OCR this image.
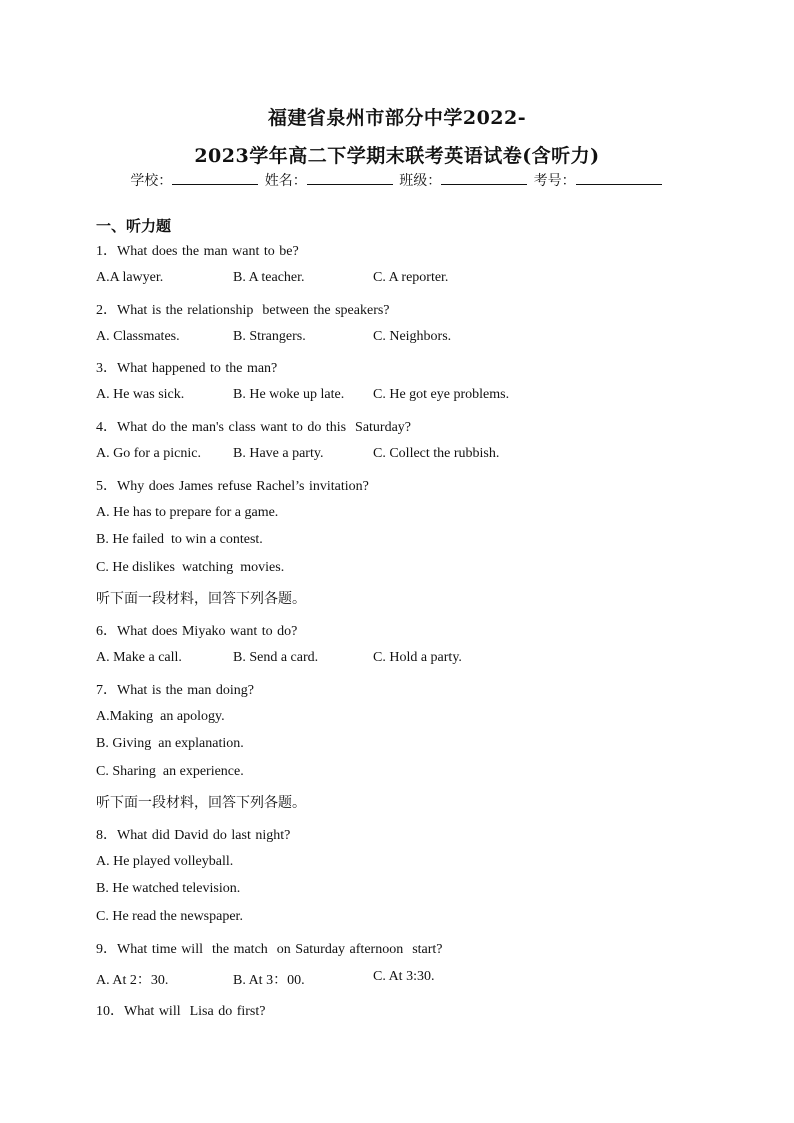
福建省泉州市部分中学2022-
2023学年高二下学期末联考英语试卷(含听力)
学校：	姓名：	班级：	考号：
一、听力题
1．What does the man want to be?
A.A lawyer.	B. A teacher.	C. A reporter.
2．What is the relationship  between the speakers?
A. Classmates.	B. Strangers.	C. Neighbors.
3．What happened to the man?
A. He was sick.	B. He woke up late. C. He got eye problems.
4．What do the man's class want to do this  Saturday?
A. Go for a picnic. B. Have a party.	C. Collect the rubbish.
5．Why does James refuse Rachel’s invitation?
A. He has to prepare for a game.
B. He failed  to win a contest.
C. He dislikes  watching  movies.
听下面一段材料，回答下列各题。
6．What does Miyako want to do?
A. Make a call.	B. Send a card.	C. Hold a party.
7．What is the man doing?
A.Making  an apology.
B. Giving  an explanation.
C. Sharing  an experience.
听下面一段材料，回答下列各题。
8．What did David do last night?
A. He played volleyball.
B. He watched television.
C. He read the newspaper.
9．What time will  the match  on Saturday afternoon  start?
A. At 2：30.	B. At 3：00.	C. At 3:30.
10．What will  Lisa do first?
